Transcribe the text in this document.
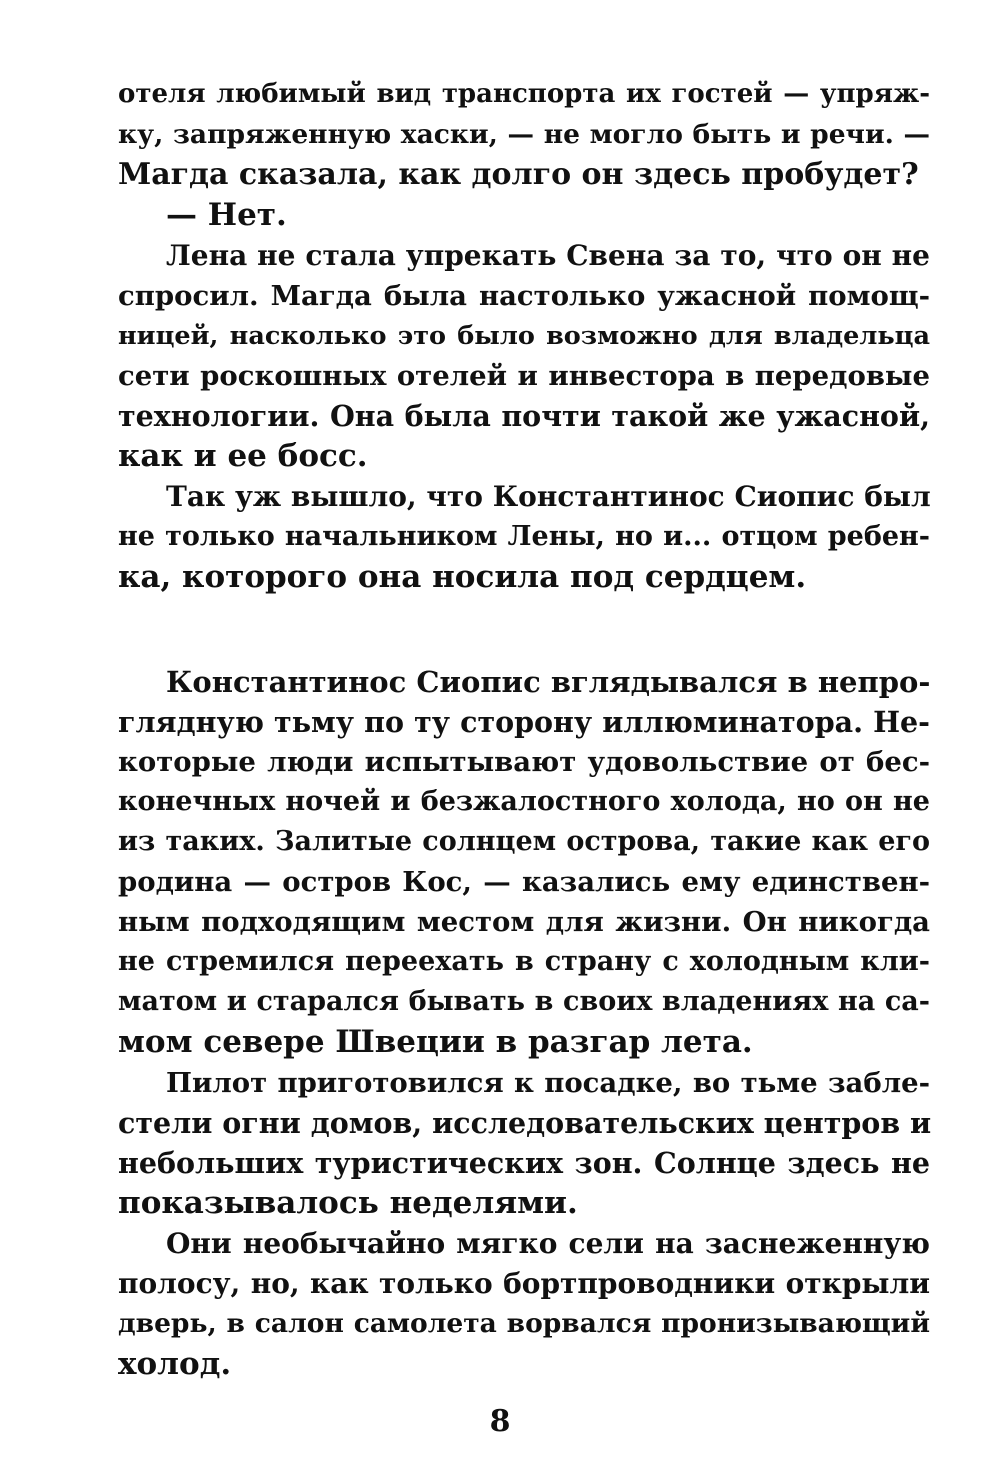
отеля любимый вид транспорта их гостей — упряж-
ку, запряженную хаски, — не могло быть и речи. —
Магда сказала, как долго он здесь пробудет?
— Нет.
Лена не стала упрекать Свена за то, что он не
спросил. Магда была настолько ужасной помощ-
ницей, насколько это было возможно для владельца
сети роскошных отелей и инвестора в передовые
технологии. Она была почти такой же ужасной,
как и ее босс.
Так уж вышло, что Константинос Сиопис был
не только начальником Лены, но и... отцом ребен-
ка, которого она носила под сердцем.
Константинос Сиопис вглядывался в непро-
глядную тьму по ту сторону иллюминатора. Не-
которые люди испытывают удовольствие от бес-
конечных ночей и безжалостного холода, но он не
из таких. Залитые солнцем острова, такие как его
родина — остров Кос, — казались ему единствен-
ным подходящим местом для жизни. Он никогда
не стремился переехать в страну с холодным кли-
матом и старался бывать в своих владениях на са-
мом севере Швеции в разгар лета.
Пилот приготовился к посадке, во тьме забле-
стели огни домов, исследовательских центров и
небольших туристических зон. Солнце здесь не
показывалось неделями.
Они необычайно мягко сели на заснеженную
полосу, но, как только бортпроводники открыли
дверь, в салон самолета ворвался пронизывающий
холод.
8
